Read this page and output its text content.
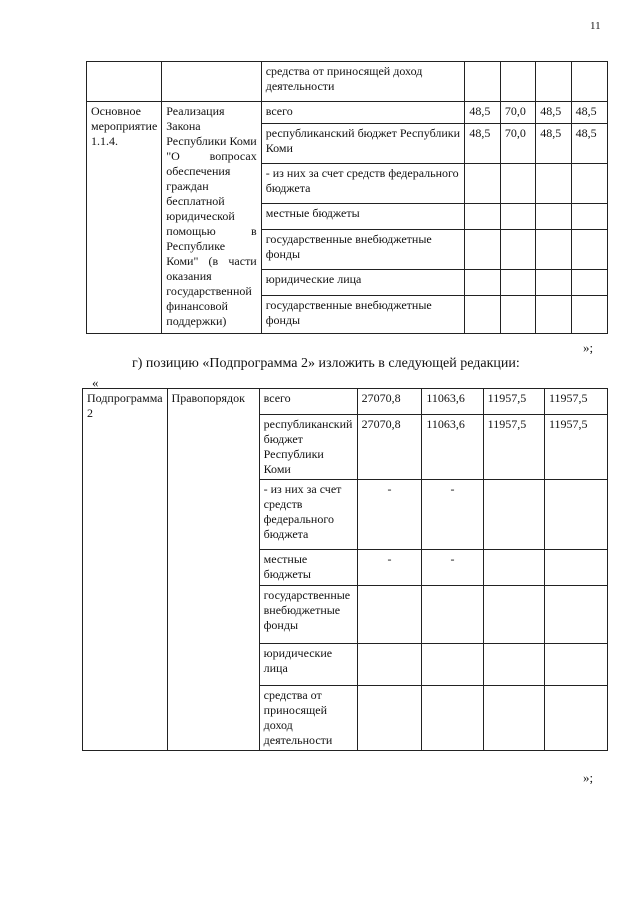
11
		средства от приносящей доход деятельности				
Основное мероприятие 1.1.4.	Реализация Закона Республики Коми "О вопросах обеспечения граждан бесплатной юридической помощью в Республике Коми" (в части оказания государственной финансовой поддержки)	всего	48,5	70,0	48,5	48,5
		республиканский бюджет Республики Коми	48,5	70,0	48,5	48,5
		- из них за счет средств федерального бюджета				
		местные бюджеты				
		государственные внебюджетные фонды				
		юридические лица				
		государственные внебюджетные фонды				
»;
г) позицию «Подпрограмма 2» изложить в следующей редакции:
«
Подпрограмма 2	Правопорядок	всего	27070,8	11063,6	11957,5	11957,5
		республиканский бюджет Республики Коми	27070,8	11063,6	11957,5	11957,5
		- из них за счет средств федерального бюджета	-	-		
		местные бюджеты	-	-		
		государственные внебюджетные фонды				
		юридические лица				
		средства от приносящей доход деятельности				
»;
